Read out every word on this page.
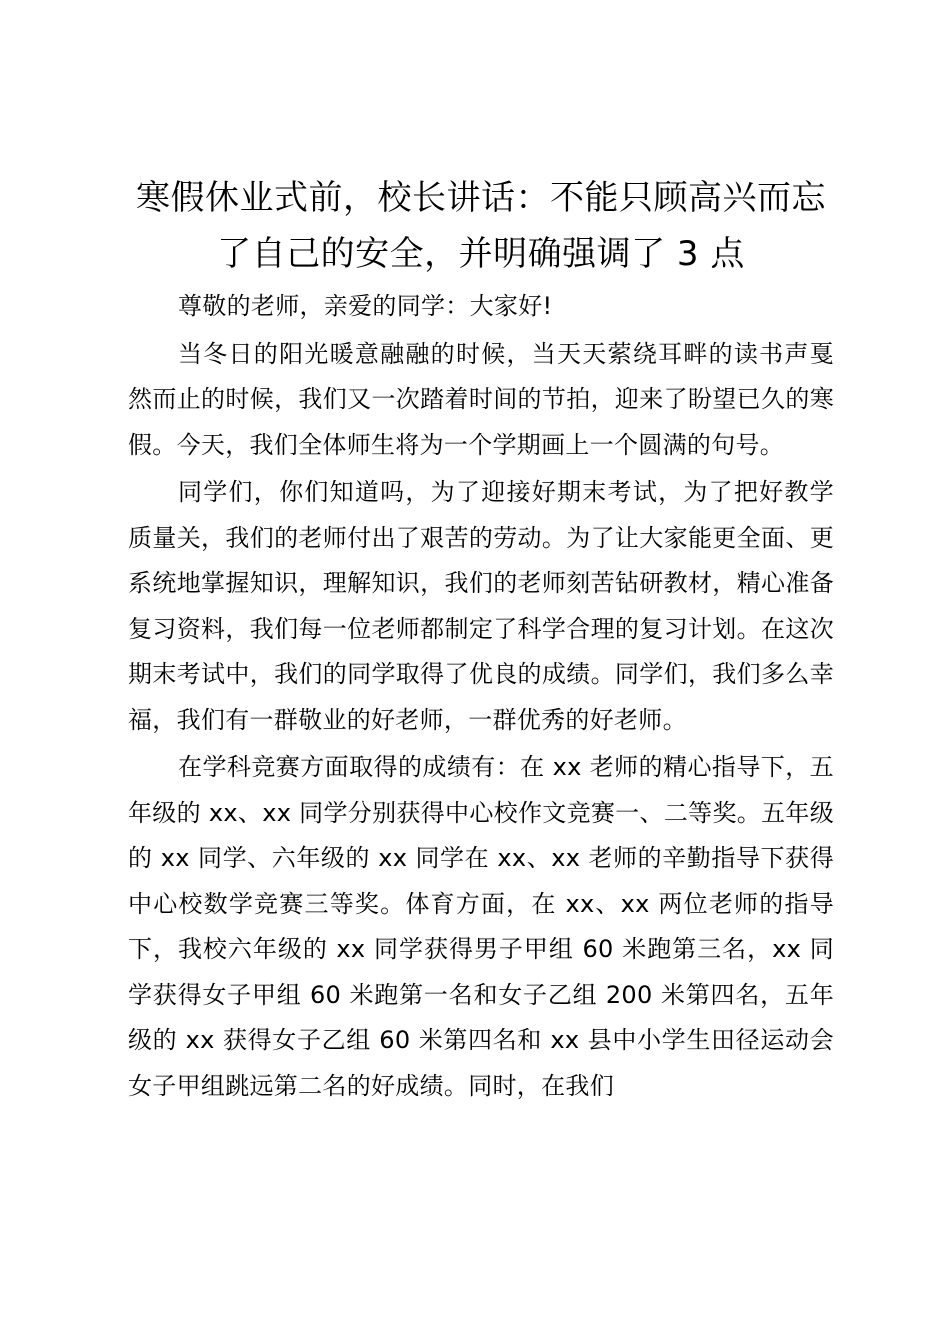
寒假休业式前，校长讲话：不能只顾高兴而忘
了自己的安全，并明确强调了 3 点

尊敬的老师，亲爱的同学：大家好!

当冬日的阳光暖意融融的时候，当天天萦绕耳畔的读书声戛然而止的时候，我们又一次踏着时间的节拍，迎来了盼望已久的寒假。今天，我们全体师生将为一个学期画上一个圆满的句号。

同学们，你们知道吗，为了迎接好期末考试，为了把好教学质量关，我们的老师付出了艰苦的劳动。为了让大家能更全面、更系统地掌握知识，理解知识，我们的老师刻苦钻研教材，精心准备复习资料，我们每一位老师都制定了科学合理的复习计划。在这次期末考试中，我们的同学取得了优良的成绩。同学们，我们多么幸福，我们有一群敬业的好老师，一群优秀的好老师。

在学科竞赛方面取得的成绩有：在 xx 老师的精心指导下，五年级的 xx、xx 同学分别获得中心校作文竞赛一、二等奖。五年级的 xx 同学、六年级的 xx 同学在 xx、xx 老师的辛勤指导下获得中心校数学竞赛三等奖。体育方面，在 xx、xx 两位老师的指导下，我校六年级的 xx 同学获得男子甲组 60 米跑第三名，xx 同学获得女子甲组 60 米跑第一名和女子乙组 200 米第四名，五年级的 xx 获得女子乙组 60 米第四名和 xx 县中小学生田径运动会女子甲组跳远第二名的好成绩。同时，在我们
